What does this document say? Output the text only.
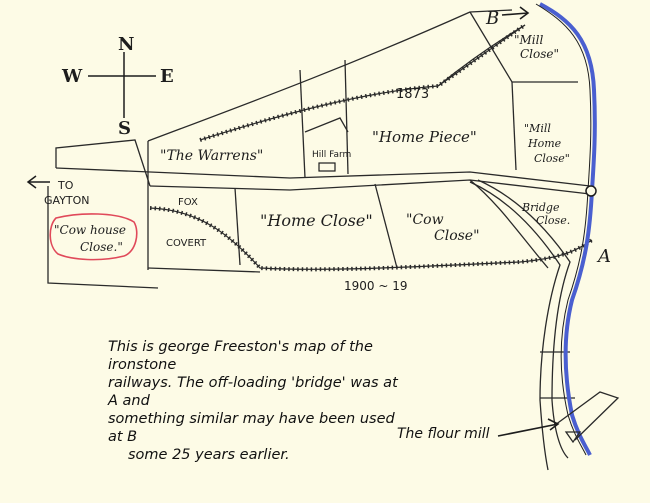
N
S
W	E
B
A
"Mill
Close"
1873
"Home Piece"
"The Warrens"	Hill Farm
"Mill
Home
Close"
TO
GAYTON	FOX
COVERT
"Home Close" "Cow
Close"
Bridge
Close.
"Cow house
Close."
1900 ~ 19
This is george Freeston's map of the ironstone
railways. The off-loading 'bridge' was at A and
something similar may have been used at B

some 25 years earlier.
The flour mill
